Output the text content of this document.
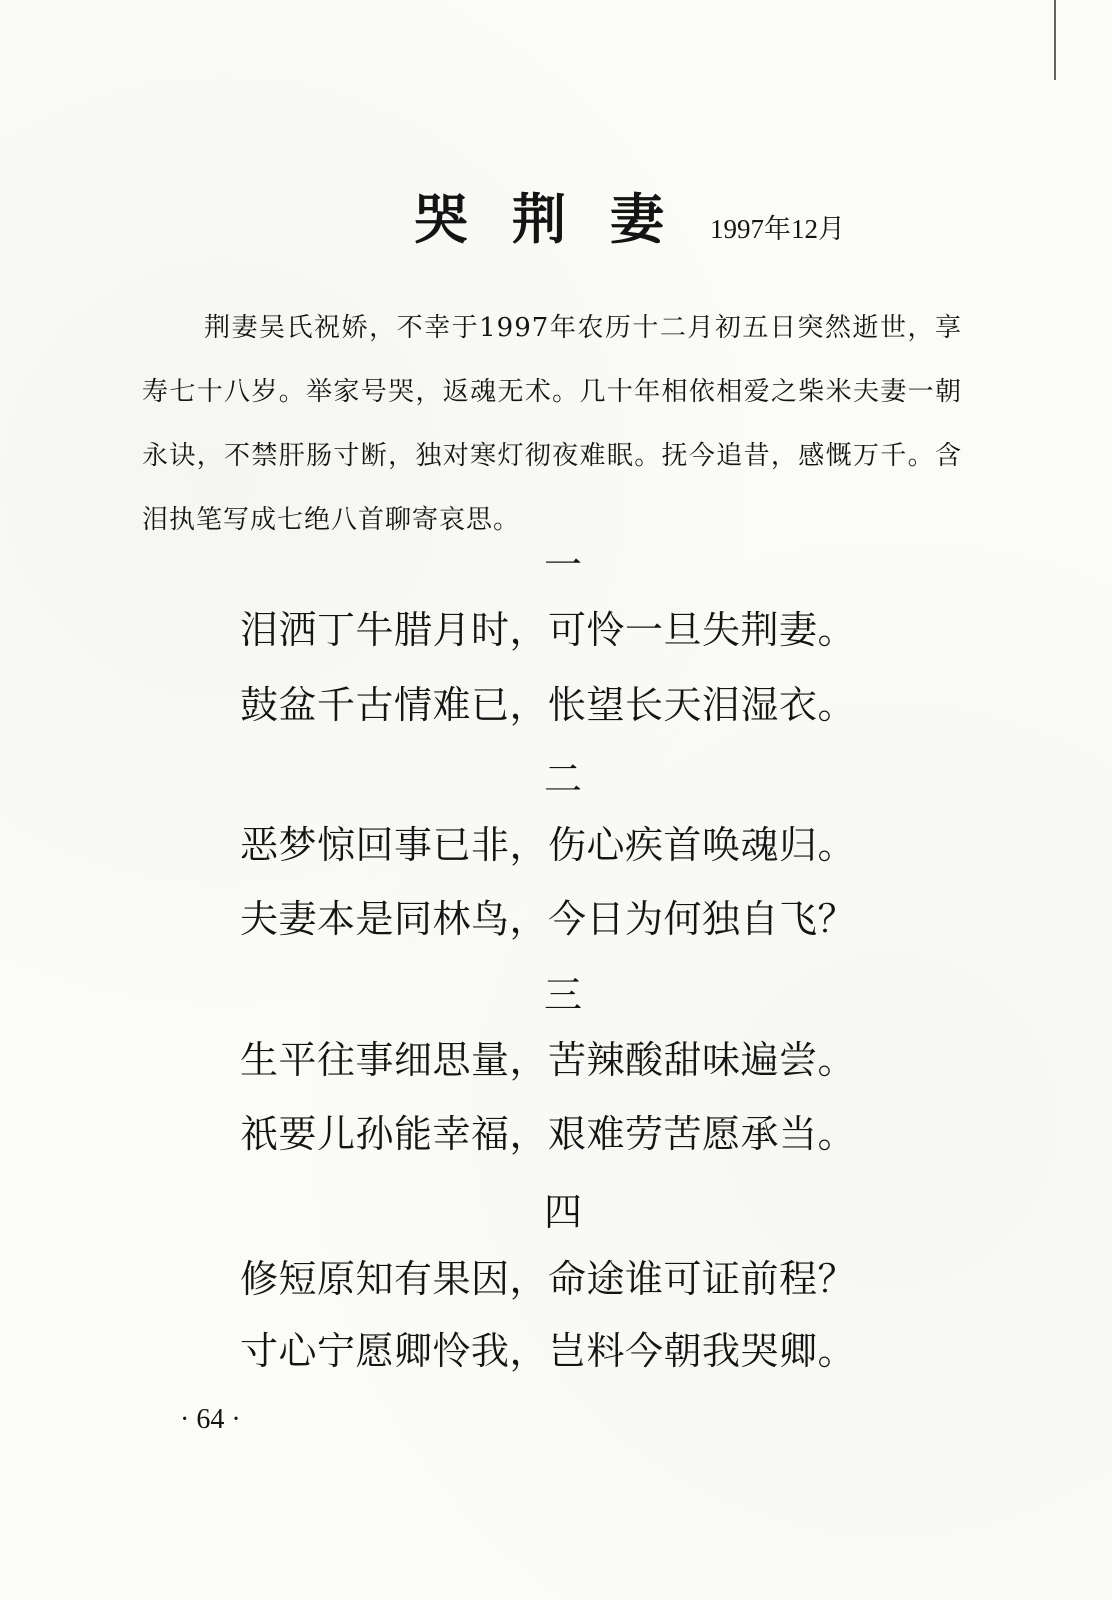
哭荆妻 1997年12月

荆妻吴氏祝娇，不幸于1997年农历十二月初五日突然逝世，享寿七十八岁。举家号哭，返魂无术。几十年相依相爱之柴米夫妻一朝永诀，不禁肝肠寸断，独对寒灯彻夜难眠。抚今追昔，感慨万千。含泪执笔写成七绝八首聊寄哀思。

一
泪洒丁牛腊月时，可怜一旦失荆妻。
鼓盆千古情难已，怅望长天泪湿衣。
二
恶梦惊回事已非，伤心疾首唤魂归。
夫妻本是同林鸟，今日为何独自飞？
三
生平往事细思量，苦辣酸甜味遍尝。
祇要儿孙能幸福，艰难劳苦愿承当。
四
修短原知有果因，命途谁可证前程？
寸心宁愿卿怜我，岂料今朝我哭卿。
· 64 ·
